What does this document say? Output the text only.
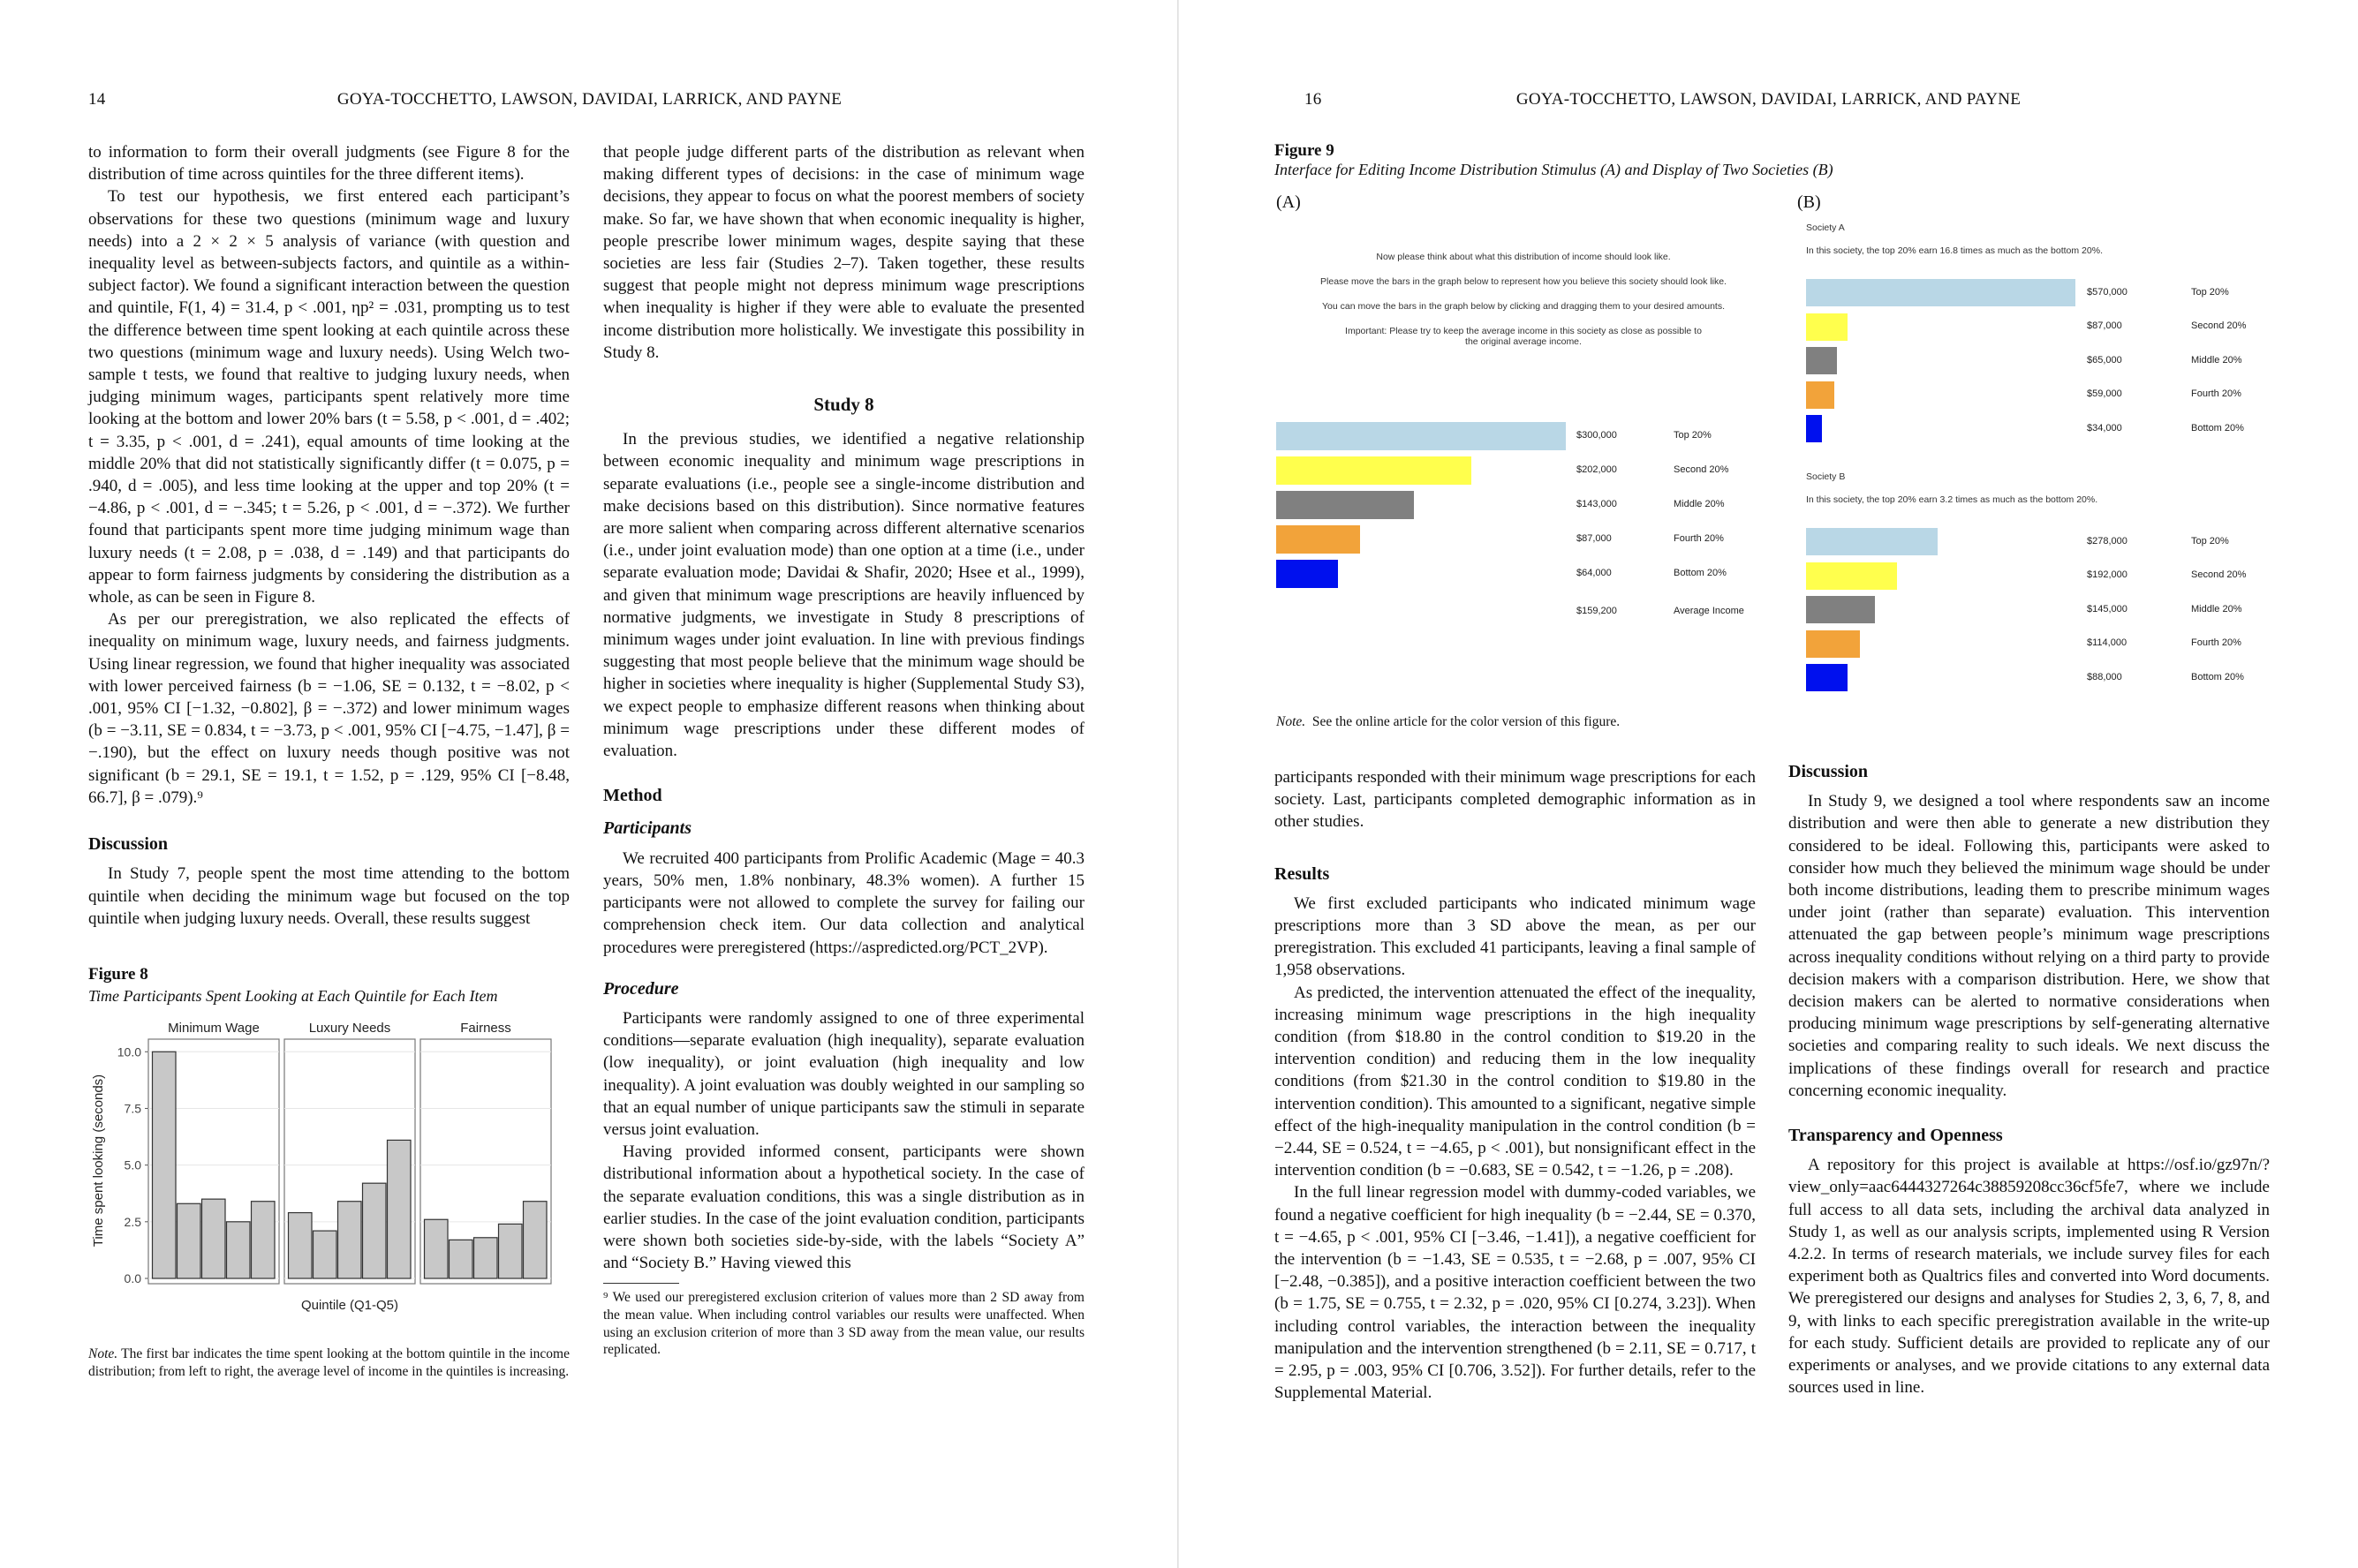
14	GOYA-TOCCHETTO, LAWSON, DAVIDAI, LARRICK, AND PAYNE

to information to form their overall judgments (see Figure 8 for the distribution of time across quintiles for the three different items).

To test our hypothesis, we first entered each participant’s observations for these two questions (minimum wage and luxury needs) into a 2 × 2 × 5 analysis of variance (with question and inequality level as between-subjects factors, and quintile as a within-subject factor). We found a significant interaction between the question and quintile, F(1, 4) = 31.4, p < .001, ηp² = .031, prompting us to test the difference between time spent looking at each quintile across these two questions (minimum wage and luxury needs). Using Welch two-sample t tests, we found that realtive to judging luxury needs, when judging minimum wages, participants spent relatively more time looking at the bottom and lower 20% bars (t = 5.58, p < .001, d = .402; t = 3.35, p < .001, d = .241), equal amounts of time looking at the middle 20% that did not statistically significantly differ (t = 0.075, p = .940, d = .005), and less time looking at the upper and top 20% (t = −4.86, p < .001, d = −.345; t = 5.26, p < .001, d = −.372). We further found that participants spent more time judging minimum wage than luxury needs (t = 2.08, p = .038, d = .149) and that participants do appear to form fairness judgments by considering the distribution as a whole, as can be seen in Figure 8.

As per our preregistration, we also replicated the effects of inequality on minimum wage, luxury needs, and fairness judgments. Using linear regression, we found that higher inequality was associated with lower perceived fairness (b = −1.06, SE = 0.132, t = −8.02, p < .001, 95% CI [−1.32, −0.802], β = −.372) and lower minimum wages (b = −3.11, SE = 0.834, t = −3.73, p < .001, 95% CI [−4.75, −1.47], β = −.190), but the effect on luxury needs though positive was not significant (b = 29.1, SE = 19.1, t = 1.52, p = .129, 95% CI [−8.48, 66.7], β = .079).⁹

Discussion

In Study 7, people spent the most time attending to the bottom quintile when deciding the minimum wage but focused on the top quintile when judging luxury needs. Overall, these results suggest

Figure 8
Time Participants Spent Looking at Each Quintile for Each Item
Time spent looking (seconds)
0.0
2.5
5.0
7.5
10.0
Minimum Wage	Luxury Needs	Fairness
Quintile (Q1-Q5)
Note. The first bar indicates the time spent looking at the bottom quintile in the income distribution; from left to right, the average level of income in the quintiles is increasing.

that people judge different parts of the distribution as relevant when making different types of decisions: in the case of minimum wage decisions, they appear to focus on what the poorest members of society make. So far, we have shown that when economic inequality is higher, people prescribe lower minimum wages, despite saying that these societies are less fair (Studies 2–7). Taken together, these results suggest that people might not depress minimum wage prescriptions when inequality is higher if they were able to evaluate the presented income distribution more holistically. We investigate this possibility in Study 8.

Study 8

In the previous studies, we identified a negative relationship between economic inequality and minimum wage prescriptions in separate evaluations (i.e., people see a single-income distribution and make decisions based on this distribution). Since normative features are more salient when comparing across different alternative scenarios (i.e., under joint evaluation mode) than one option at a time (i.e., under separate evaluation mode; Davidai & Shafir, 2020; Hsee et al., 1999), and given that minimum wage prescriptions are heavily influenced by normative judgments, we investigate in Study 8 prescriptions of minimum wages under joint evaluation. In line with previous findings suggesting that most people believe that the minimum wage should be higher in societies where inequality is higher (Supplemental Study S3), we expect people to emphasize different reasons when thinking about minimum wage prescriptions under these different modes of evaluation.

Method
Participants

We recruited 400 participants from Prolific Academic (Mage = 40.3 years, 50% men, 1.8% nonbinary, 48.3% women). A further 15 participants were not allowed to complete the survey for failing our comprehension check item. Our data collection and analytical procedures were preregistered (https://aspredicted.org/PCT_2VP).

Procedure

Participants were randomly assigned to one of three experimental conditions—separate evaluation (high inequality), separate evaluation (low inequality), or joint evaluation (high inequality and low inequality). A joint evaluation was doubly weighted in our sampling so that an equal number of unique participants saw the stimuli in separate versus joint evaluation.

Having provided informed consent, participants were shown distributional information about a hypothetical society. In the case of the separate evaluation conditions, this was a single distribution as in earlier studies. In the case of the joint evaluation condition, participants were shown both societies side-by-side, with the labels “Society A” and “Society B.” Having viewed this

⁹ We used our preregistered exclusion criterion of values more than 2 SD away from the mean value. When including control variables our results were unaffected. When using an exclusion criterion of more than 3 SD away from the mean value, our results replicated.

16	GOYA-TOCCHETTO, LAWSON, DAVIDAI, LARRICK, AND PAYNE
Figure 9
Interface for Editing Income Distribution Stimulus (A) and Display of Two Societies (B)
(A)	(B)
Now please think about what this distribution of income should look like.
Please move the bars in the graph below to represent how you believe this society should look like.
You can move the bars in the graph below by clicking and dragging them to your desired amounts.
Important: Please try to keep the average income in this society as close as possible to the original average income.
$300,000	Top 20%
$202,000	Second 20%
$143,000	Middle 20%
$87,000	Fourth 20%
$64,000	Bottom 20%
$159,200	Average Income
Society A
In this society, the top 20% earn 16.8 times as much as the bottom 20%.
$570,000	Top 20%
$87,000	Second 20%
$65,000	Middle 20%
$59,000	Fourth 20%
$34,000	Bottom 20%
Society B
In this society, the top 20% earn 3.2 times as much as the bottom 20%.
$278,000	Top 20%
$192,000	Second 20%
$145,000	Middle 20%
$114,000	Fourth 20%
$88,000	Bottom 20%
Note. See the online article for the color version of this figure.

participants responded with their minimum wage prescriptions for each society. Last, participants completed demographic information as in other studies.

Results

We first excluded participants who indicated minimum wage prescriptions more than 3 SD above the mean, as per our preregistration. This excluded 41 participants, leaving a final sample of 1,958 observations.

As predicted, the intervention attenuated the effect of the inequality, increasing minimum wage prescriptions in the high inequality condition (from $18.80 in the control condition to $19.20 in the intervention condition) and reducing them in the low inequality conditions (from $21.30 in the control condition to $19.80 in the intervention condition). This amounted to a significant, negative simple effect of the high-inequality manipulation in the control condition (b = −2.44, SE = 0.524, t = −4.65, p < .001), but nonsignificant effect in the intervention condition (b = −0.683, SE = 0.542, t = −1.26, p = .208).

In the full linear regression model with dummy-coded variables, we found a negative coefficient for high inequality (b = −2.44, SE = 0.370, t = −4.65, p < .001, 95% CI [−3.46, −1.41]), a negative coefficient for the intervention (b = −1.43, SE = 0.535, t = −2.68, p = .007, 95% CI [−2.48, −0.385]), and a positive interaction coefficient between the two (b = 1.75, SE = 0.755, t = 2.32, p = .020, 95% CI [0.274, 3.23]). When including control variables, the interaction between the inequality manipulation and the intervention strengthened (b = 2.11, SE = 0.717, t = 2.95, p = .003, 95% CI [0.706, 3.52]). For further details, refer to the Supplemental Material.

Discussion

In Study 9, we designed a tool where respondents saw an income distribution and were then able to generate a new distribution they considered to be ideal. Following this, participants were asked to consider how much they believed the minimum wage should be under both income distributions, leading them to prescribe minimum wages under joint (rather than separate) evaluation. This intervention attenuated the gap between people’s minimum wage prescriptions across inequality conditions without relying on a third party to provide decision makers with a comparison distribution. Here, we show that decision makers can be alerted to normative considerations when producing minimum wage prescriptions by self-generating alternative societies and comparing reality to such ideals. We next discuss the implications of these findings overall for research and practice concerning economic inequality.

Transparency and Openness

A repository for this project is available at https://osf.io/gz97n/?view_only=aac6444327264c38859208cc36cf5fe7, where we include full access to all data sets, including the archival data analyzed in Study 1, as well as our analysis scripts, implemented using R Version 4.2.2. In terms of research materials, we include survey files for each experiment both as Qualtrics files and converted into Word documents. We preregistered our designs and analyses for Studies 2, 3, 6, 7, 8, and 9, with links to each specific preregistration available in the write-up for each study. Sufficient details are provided to replicate any of our experiments or analyses, and we provide citations to any external data sources used in line.
